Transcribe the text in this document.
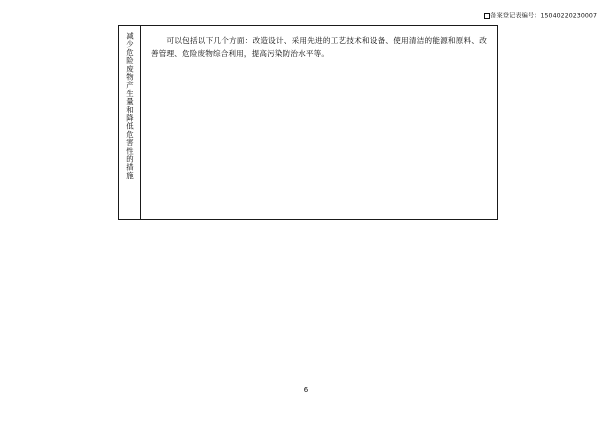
备案登记表编号：15040220230007
减少危险废物产生量和降低危害性的措施	可以包括以下几个方面：改造设计、采用先进的工艺技术和设备、使用清洁的能源和原料、改善管理、危险废物综合利用，提高污染防治水平等。
6
